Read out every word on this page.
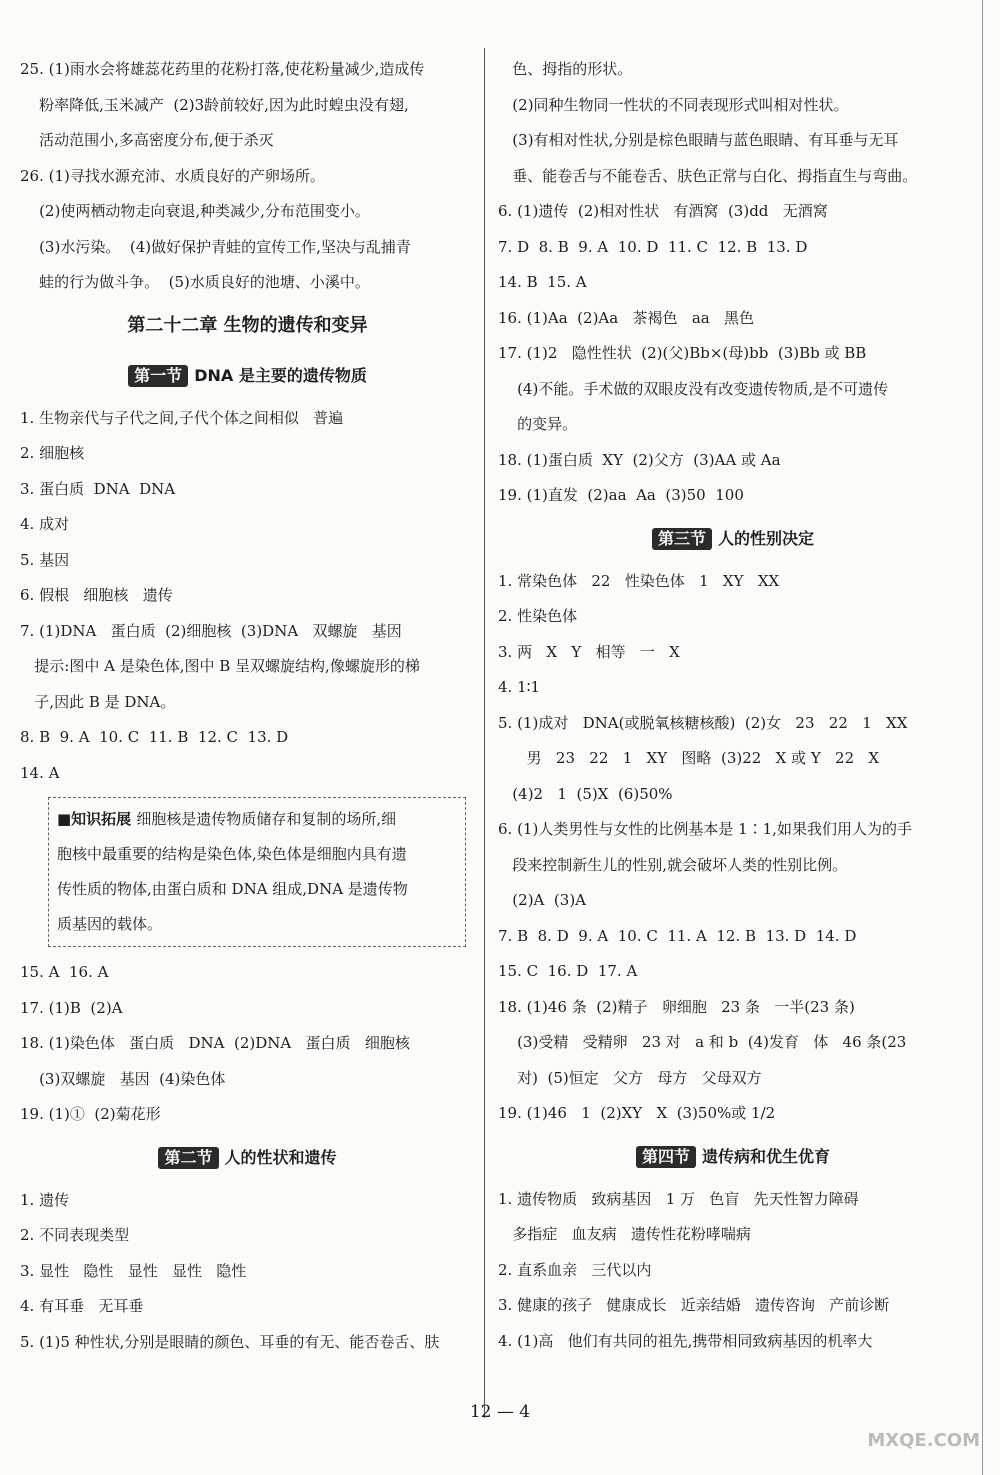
25. (1)雨水会将雄蕊花药里的花粉打落,使花粉量减少,造成传
粉率降低,玉米减产  (2)3龄前较好,因为此时蝗虫没有翅,
活动范围小,多高密度分布,便于杀灭
26. (1)寻找水源充沛、水质良好的产卵场所。
(2)使两栖动物走向衰退,种类减少,分布范围变小。
(3)水污染。  (4)做好保护青蛙的宣传工作,坚决与乱捕青
蛙的行为做斗争。  (5)水质良好的池塘、小溪中。
第二十二章 生物的遗传和变异
第一节 DNA 是主要的遗传物质
1. 生物亲代与子代之间,子代个体之间相似   普遍
2. 细胞核
3. 蛋白质  DNA  DNA
4. 成对
5. 基因
6. 假根   细胞核   遗传
7. (1)DNA   蛋白质  (2)细胞核  (3)DNA   双螺旋   基因
提示:图中 A 是染色体,图中 B 呈双螺旋结构,像螺旋形的梯
子,因此 B 是 DNA。
8. B  9. A  10. C  11. B  12. C  13. D
14. A
■知识拓展 细胞核是遗传物质储存和复制的场所,细
胞核中最重要的结构是染色体,染色体是细胞内具有遗
传性质的物体,由蛋白质和 DNA 组成,DNA 是遗传物
质基因的载体。
15. A  16. A
17. (1)B  (2)A
18. (1)染色体   蛋白质   DNA  (2)DNA   蛋白质   细胞核
(3)双螺旋   基因  (4)染色体
19. (1)①  (2)菊花形
第二节 人的性状和遗传
1. 遗传
2. 不同表现类型
3. 显性   隐性   显性   显性   隐性
4. 有耳垂   无耳垂
5. (1)5 种性状,分别是眼睛的颜色、耳垂的有无、能否卷舌、肤
色、拇指的形状。
(2)同种生物同一性状的不同表现形式叫相对性状。
(3)有相对性状,分别是棕色眼睛与蓝色眼睛、有耳垂与无耳
垂、能卷舌与不能卷舌、肤色正常与白化、拇指直生与弯曲。
6. (1)遗传  (2)相对性状   有酒窝  (3)dd   无酒窝
7. D  8. B  9. A  10. D  11. C  12. B  13. D
14. B  15. A
16. (1)Aa  (2)Aa   茶褐色   aa   黑色
17. (1)2   隐性性状  (2)(父)Bb×(母)bb  (3)Bb 或 BB
(4)不能。手术做的双眼皮没有改变遗传物质,是不可遗传
的变异。
18. (1)蛋白质  XY  (2)父方  (3)AA 或 Aa
19. (1)直发  (2)aa  Aa  (3)50  100
第三节 人的性别决定
1. 常染色体   22   性染色体   1   XY   XX
2. 性染色体
3. 两   X   Y   相等   一   X
4. 1∶1
5. (1)成对   DNA(或脱氧核糖核酸)  (2)女   23   22   1   XX
男   23   22   1   XY   图略  (3)22   X 或 Y   22   X
(4)2   1  (5)X  (6)50%
6. (1)人类男性与女性的比例基本是 1∶1,如果我们用人为的手
段来控制新生儿的性别,就会破坏人类的性别比例。
(2)A  (3)A
7. B  8. D  9. A  10. C  11. A  12. B  13. D  14. D
15. C  16. D  17. A
18. (1)46 条  (2)精子   卵细胞   23 条   一半(23 条)
(3)受精   受精卵   23 对   a 和 b  (4)发育   体   46 条(23
对)  (5)恒定   父方   母方   父母双方
19. (1)46   1  (2)XY   X  (3)50%或 1/2
第四节 遗传病和优生优育
1. 遗传物质   致病基因   1 万   色盲   先天性智力障碍
多指症   血友病   遗传性花粉哮喘病
2. 直系血亲   三代以内
3. 健康的孩子   健康成长   近亲结婚   遗传咨询   产前诊断
4. (1)高   他们有共同的祖先,携带相同致病基因的机率大
12 — 4
MXQE.COM
